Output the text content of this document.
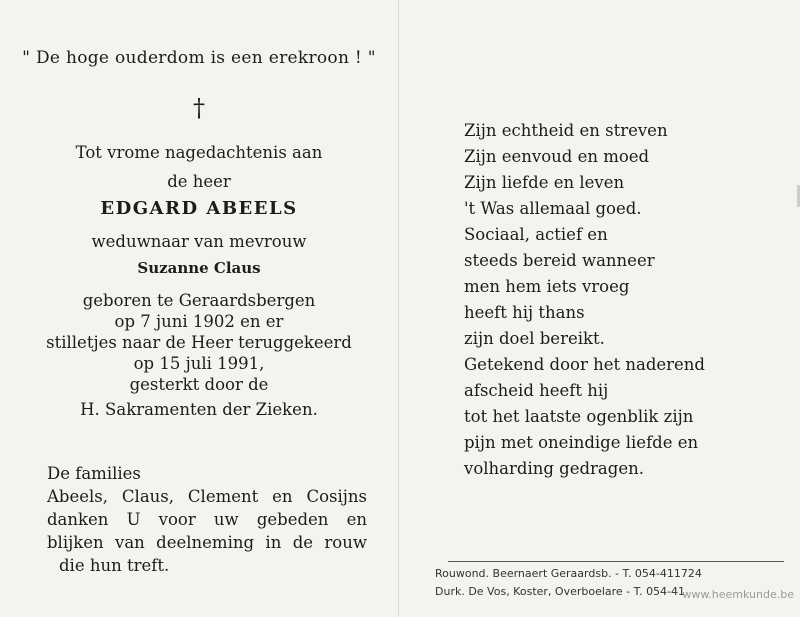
" De hoge ouderdom is een erekroon ! "
†
Tot vrome nagedachtenis aan
de heer
EDGARD ABEELS
weduwnaar van mevrouw
Suzanne Claus
geboren te Geraardsbergen
op 7 juni 1902 en er
stilletjes naar de Heer teruggekeerd
op 15 juli 1991,
gesterkt door de
H. Sakramenten der Zieken.
De families
Abeels, Claus, Clement en Cosijns
danken U voor uw gebeden en
blijken van deelneming in de rouw
die hun treft.
Zijn echtheid en streven
Zijn eenvoud en moed
Zijn liefde en leven
't Was allemaal goed.
Sociaal, actief en
steeds bereid wanneer
men hem iets vroeg
heeft hij thans
zijn doel bereikt.
Getekend door het naderend
afscheid heeft hij
tot het laatste ogenblik zijn
pijn met oneindige liefde en
volharding gedragen.
Rouwond. Beernaert Geraardsb. - T. 054-411724
Durk. De Vos, Koster, Overboelare - T. 054-41
www.heemkunde.be
